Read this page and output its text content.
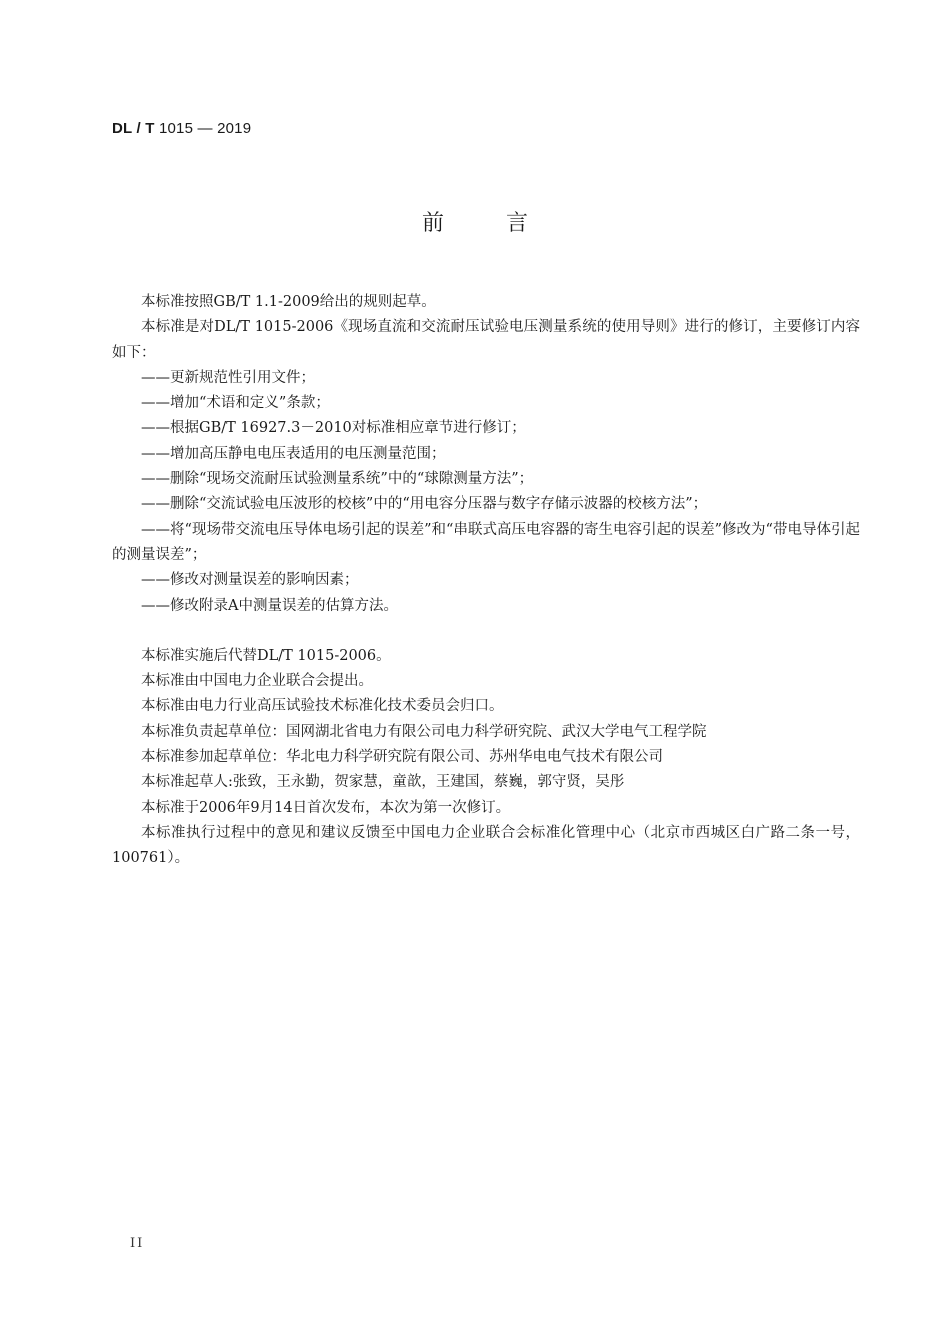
DL / T 1015 — 2019
前言

本标准按照GB/T 1.1-2009给出的规则起草。

本标准是对DL/T 1015-2006《现场直流和交流耐压试验电压测量系统的使用导则》进行的修订，主要修订内容如下：

——更新规范性引用文件；

——增加“术语和定义”条款；

——根据GB/T 16927.3－2010对标准相应章节进行修订；

——增加高压静电电压表适用的电压测量范围；

——删除“现场交流耐压试验测量系统”中的“球隙测量方法”；

——删除“交流试验电压波形的校核”中的“用电容分压器与数字存储示波器的校核方法”；

——将“现场带交流电压导体电场引起的误差”和“串联式高压电容器的寄生电容引起的误差”修改为“带电导体引起的测量误差”；

——修改对测量误差的影响因素；

——修改附录A中测量误差的估算方法。

本标准实施后代替DL/T 1015-2006。

本标准由中国电力企业联合会提出。

本标准由电力行业高压试验技术标准化技术委员会归口。

本标准负责起草单位：国网湖北省电力有限公司电力科学研究院、武汉大学电气工程学院

本标准参加起草单位：华北电力科学研究院有限公司、苏州华电电气技术有限公司

本标准起草人:张致，王永勤，贺家慧，童歆，王建国，蔡巍，郭守贤，吴彤

本标准于2006年9月14日首次发布，本次为第一次修订。

本标准执行过程中的意见和建议反馈至中国电力企业联合会标准化管理中心（北京市西城区白广路二条一号，100761）。

II
